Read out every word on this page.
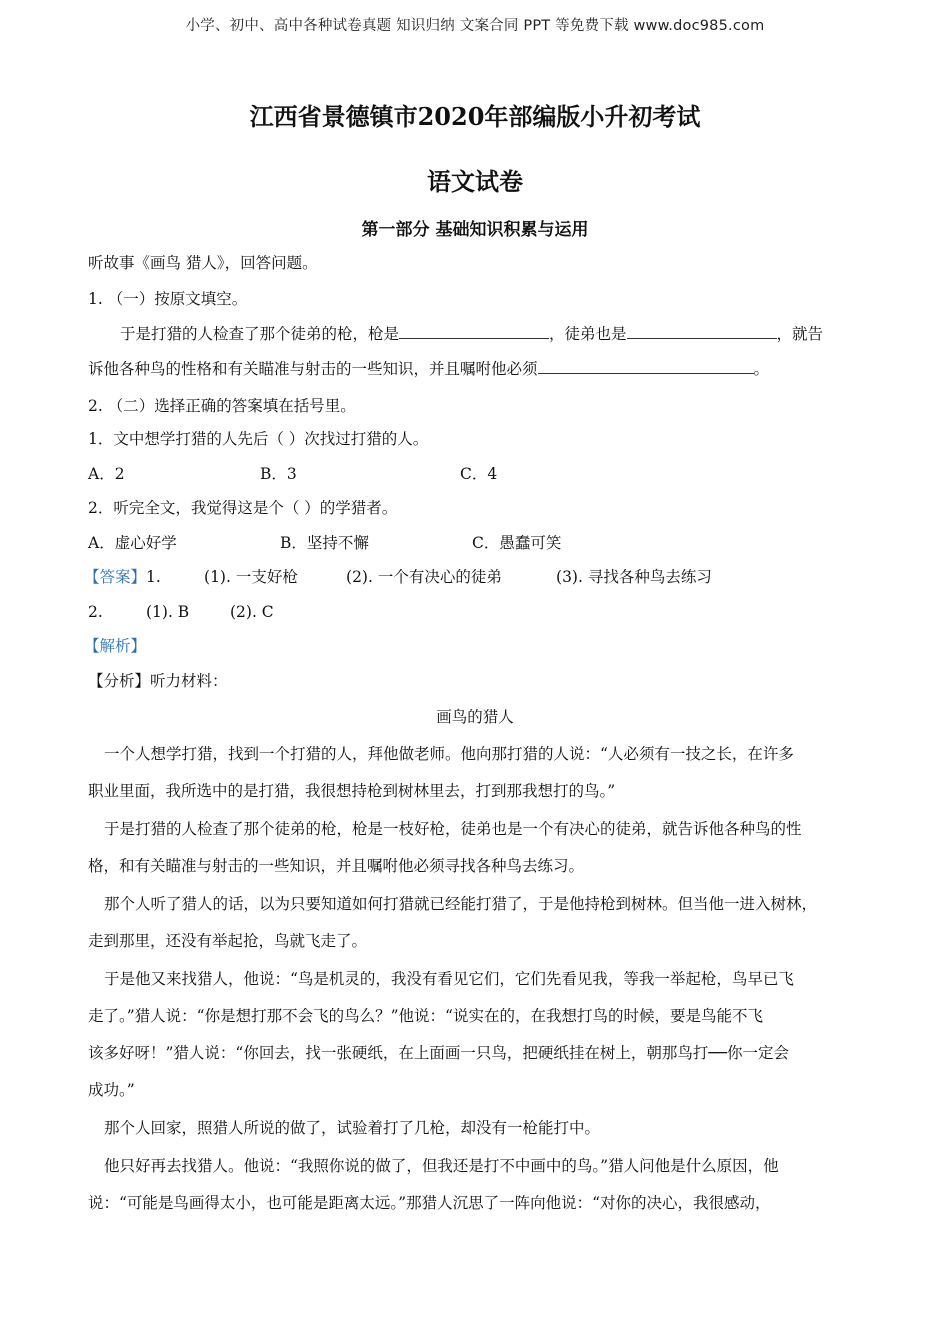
小学、初中、高中各种试卷真题 知识归纳 文案合同 PPT 等免费下载 www.doc985.com
江西省景德镇市2020年部编版小升初考试
语文试卷
第一部分 基础知识积累与运用
听故事《画鸟 猎人》，回答问题。
1. （一）按原文填空。
于是打猎的人检查了那个徒弟的枪，枪是	，徒弟也是	，就告
诉他各种鸟的性格和有关瞄准与射击的一些知识，并且嘱咐他必须	。
2. （二）选择正确的答案填在括号里。
1．文中想学打猎的人先后（ ）次找过打猎的人。
A．2	B．3	C．4
2．听完全文，我觉得这是个（ ）的学猎者。
A．虚心好学	B．坚持不懈	C．愚蠢可笑
【答案】1.	(1). 一支好枪	(2). 一个有决心的徒弟	(3). 寻找各种鸟去练习
2.	(1). B	(2). C
【解析】
【分析】听力材料：
画鸟的猎人
一个人想学打猎，找到一个打猎的人，拜他做老师。他向那打猎的人说：“人必须有一技之长，在许多
职业里面，我所选中的是打猎，我很想持枪到树林里去，打到那我想打的鸟。”
于是打猎的人检查了那个徒弟的枪，枪是一枝好枪，徒弟也是一个有决心的徒弟，就告诉他各种鸟的性
格，和有关瞄准与射击的一些知识，并且嘱咐他必须寻找各种鸟去练习。
那个人听了猎人的话，以为只要知道如何打猎就已经能打猎了，于是他持枪到树林。但当他一进入树林，
走到那里，还没有举起抢，鸟就飞走了。
于是他又来找猎人，他说：“鸟是机灵的，我没有看见它们，它们先看见我，等我一举起枪，鸟早已飞
走了。”猎人说：“你是想打那不会飞的鸟么？”他说：“说实在的，在我想打鸟的时候，要是鸟能不飞
该多好呀！”猎人说：“你回去，找一张硬纸，在上面画一只鸟，把硬纸挂在树上，朝那鸟打──你一定会
成功。”
那个人回家，照猎人所说的做了，试验着打了几枪，却没有一枪能打中。
他只好再去找猎人。他说：“我照你说的做了，但我还是打不中画中的鸟。”猎人问他是什么原因，他
说：“可能是鸟画得太小，也可能是距离太远。”那猎人沉思了一阵向他说：“对你的决心，我很感动，
